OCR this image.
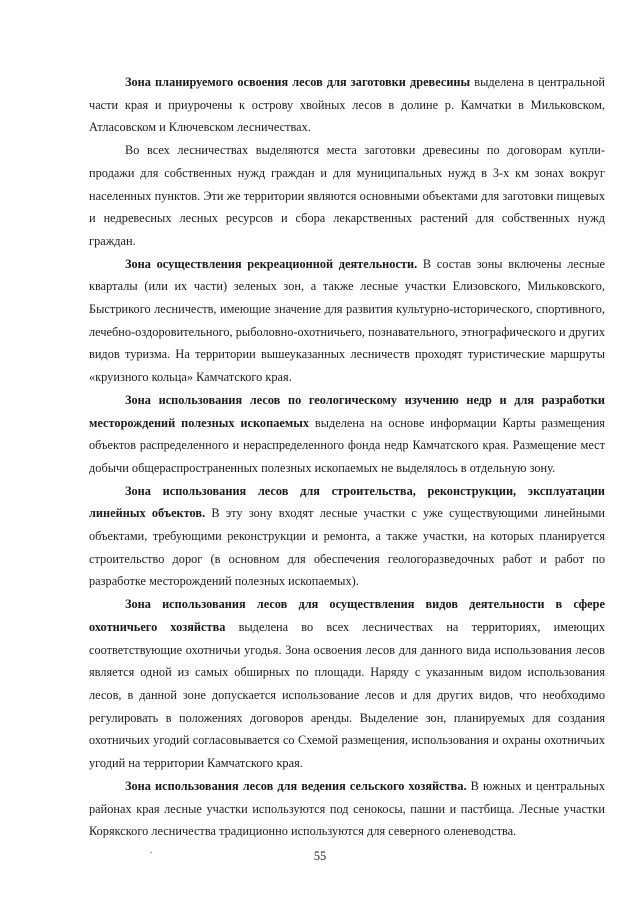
Зона планируемого освоения лесов для заготовки древесины выделена в центральной части края и приурочены к острову хвойных лесов в долине р. Камчатки в Мильковском, Атласовском и Ключевском лесничествах.

Во всех лесничествах выделяются места заготовки древесины по договорам купли-продажи для собственных нужд граждан и для муниципальных нужд в 3-х км зонах вокруг населенных пунктов. Эти же территории являются основными объектами для заготовки пищевых и недревесных лесных ресурсов и сбора лекарственных растений для собственных нужд граждан.

Зона осуществления рекреационной деятельности. В состав зоны включены лесные кварталы (или их части) зеленых зон, а также лесные участки Елизовского, Мильковского, Быстрикого лесничеств, имеющие значение для развития культурно-исторического, спортивного, лечебно-оздоровительного, рыболовно-охотничьего, познавательного, этнографического и других видов туризма. На территории вышеуказанных лесничеств проходят туристические маршруты «круизного кольца» Камчатского края.

Зона использования лесов по геологическому изучению недр и для разработки месторождений полезных ископаемых выделена на основе информации Карты размещения объектов распределенного и нераспределенного фонда недр Камчатского края. Размещение мест добычи общераспространенных полезных ископаемых не выделялось в отдельную зону.

Зона использования лесов для строительства, реконструкции, эксплуатации линейных объектов. В эту зону входят лесные участки с уже существующими линейными объектами, требующими реконструкции и ремонта, а также участки, на которых планируется строительство дорог (в основном для обеспечения геологоразведочных работ и работ по разработке месторождений полезных ископаемых).

Зона использования лесов для осуществления видов деятельности в сфере охотничьего хозяйства выделена во всех лесничествах на территориях, имеющих соответствующие охотничьи угодья. Зона освоения лесов для данного вида использования лесов является одной из самых обширных по площади. Наряду с указанным видом использования лесов, в данной зоне допускается использование лесов и для других видов, что необходимо регулировать в положениях договоров аренды. Выделение зон, планируемых для создания охотничьих угодий согласовывается со Схемой размещения, использования и охраны охотничьих угодий на территории Камчатского края.

Зона использования лесов для ведения сельского хозяйства. В южных и центральных районах края лесные участки используются под сенокосы, пашни и пастбища. Лесные участки Корякского лесничества традиционно используются для северного оленеводства.

55
